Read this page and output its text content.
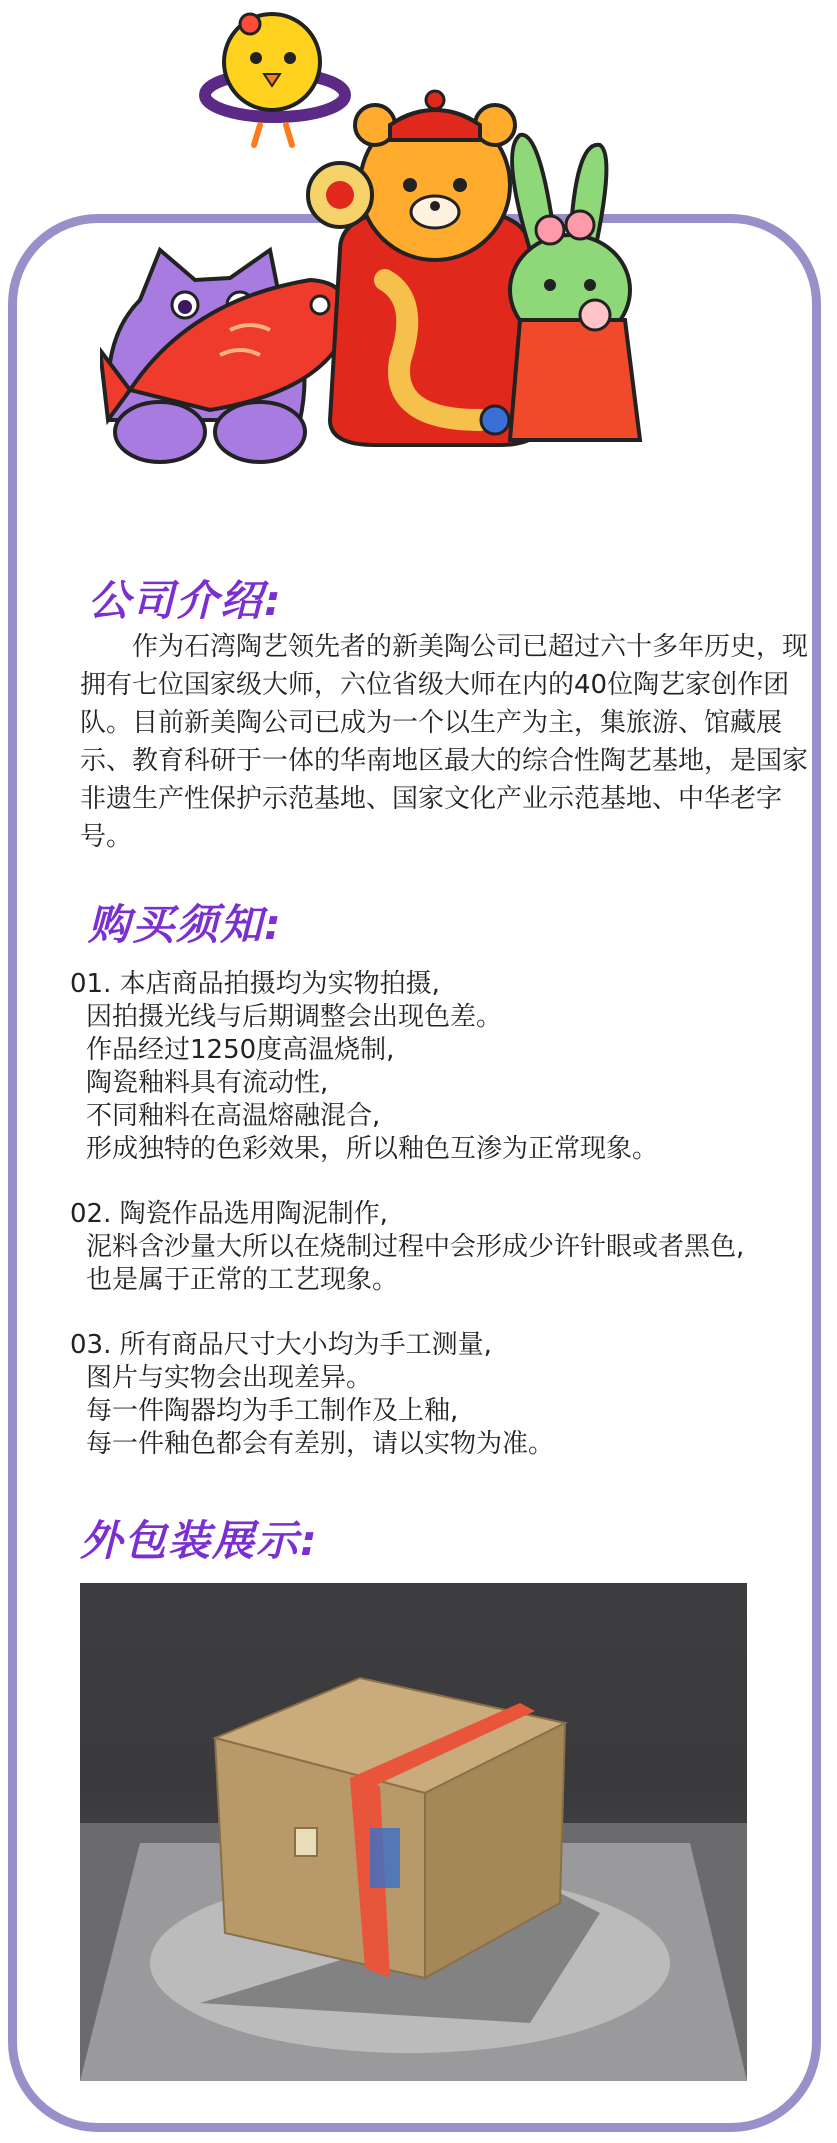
公司介绍:

作为石湾陶艺领先者的新美陶公司已超过六十多年历史，现拥有七位国家级大师，六位省级大师在内的40位陶艺家创作团队。目前新美陶公司已成为一个以生产为主，集旅游、馆藏展示、教育科研于一体的华南地区最大的综合性陶艺基地，是国家非遗生产性保护示范基地、国家文化产业示范基地、中华老字号。

购买须知:
01. 本店商品拍摄均为实物拍摄,
因拍摄光线与后期调整会出现色差。
作品经过1250度高温烧制,
陶瓷釉料具有流动性,
不同釉料在高温熔融混合,
形成独特的色彩效果，所以釉色互渗为正常现象。
02. 陶瓷作品选用陶泥制作,
泥料含沙量大所以在烧制过程中会形成少许针眼或者黑色,
也是属于正常的工艺现象。
03. 所有商品尺寸大小均为手工测量,
图片与实物会出现差异。
每一件陶器均为手工制作及上釉,
每一件釉色都会有差别，请以实物为准。
外包装展示:
